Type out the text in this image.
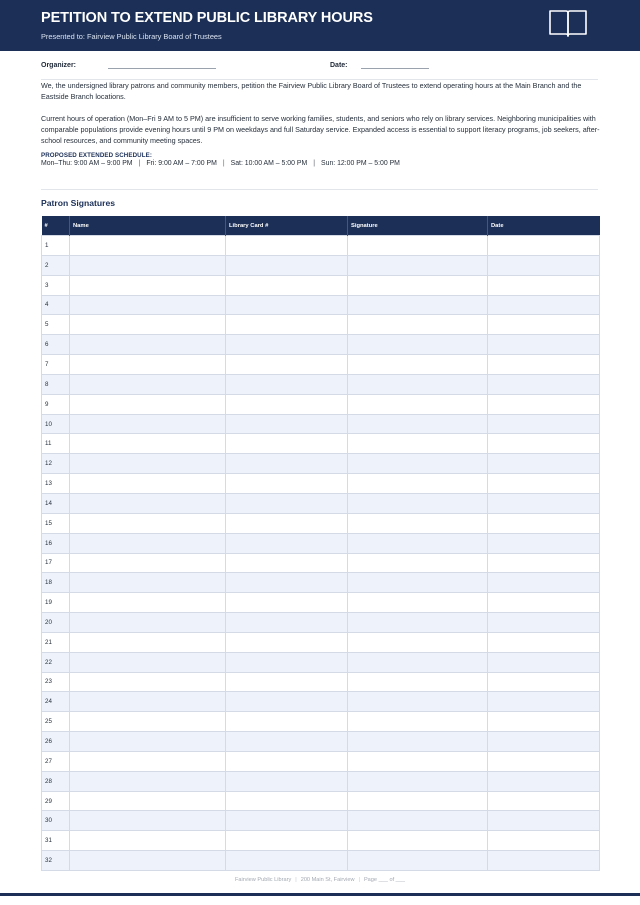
PETITION TO EXTEND PUBLIC LIBRARY HOURS
Presented to: Fairview Public Library Board of Trustees
Organizer:	Date:
We, the undersigned library patrons and community members, petition the Fairview Public Library Board of Trustees to extend operating hours at the Main Branch and the Eastside Branch locations.
Current hours of operation (Mon–Fri 9 AM to 5 PM) are insufficient to serve working families, students, and seniors who rely on library services. Neighboring municipalities with comparable populations provide evening hours until 9 PM on weekdays and full Saturday service. Expanded access is essential to support literacy programs, job seekers, after-school resources, and community meeting spaces.
PROPOSED EXTENDED SCHEDULE:
Mon–Thu: 9:00 AM – 9:00 PM | Fri: 9:00 AM – 7:00 PM | Sat: 10:00 AM – 5:00 PM | Sun: 12:00 PM – 5:00 PM
Patron Signatures
#	Name	Library Card #	Signature	Date
1				
2				
3				
4				
5				
6				
7				
8				
9				
10				
11				
12				
13				
14				
15				
16				
17				
18				
19				
20				
21				
22				
23				
24				
25				
26				
27				
28				
29				
30				
31				
32				
Fairview Public Library | 200 Main St, Fairview | Page ___ of ___
